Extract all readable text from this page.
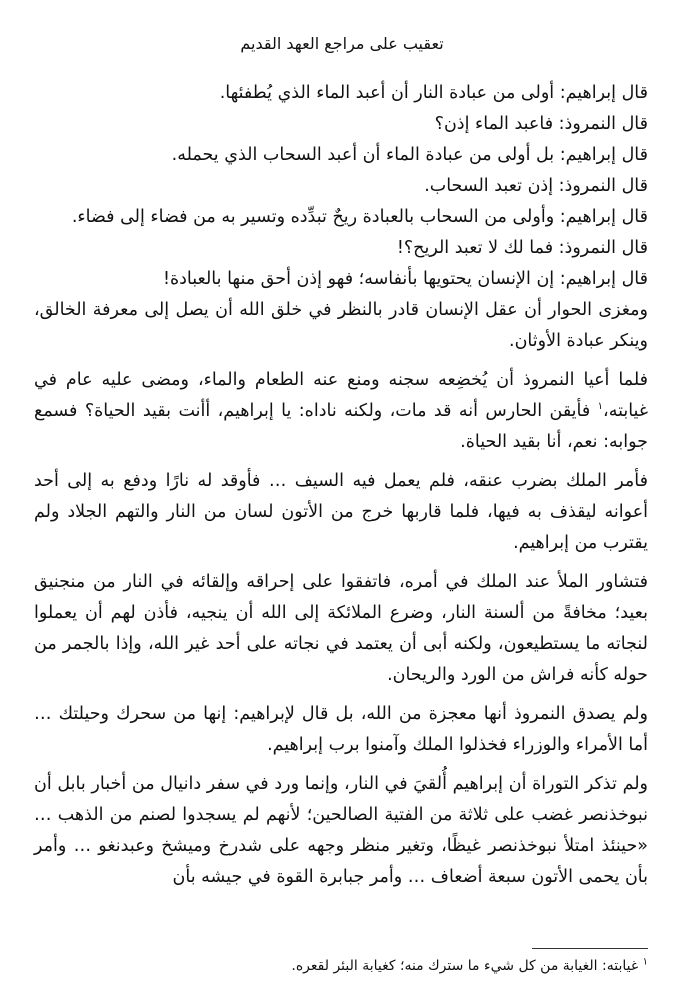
تعقيب على مراجع العهد القديم

قال إبراهيم: أولى من عبادة النار أن أعبد الماء الذي يُطفئها.

قال النمروذ: فاعبد الماء إذن؟

قال إبراهيم: بل أولى من عبادة الماء أن أعبد السحاب الذي يحمله.

قال النمروذ: إذن تعبد السحاب.

قال إبراهيم: وأولى من السحاب بالعبادة ريحٌ تبدِّده وتسير به من فضاء إلى فضاء.

قال النمروذ: فما لك لا تعبد الريح؟!

قال إبراهيم: إن الإنسان يحتويها بأنفاسه؛ فهو إذن أحق منها بالعبادة!

ومغزى الحوار أن عقل الإنسان قادر بالنظر في خلق الله أن يصل إلى معرفة الخالق، وينكر عبادة الأوثان.

فلما أعيا النمروذ أن يُخضِعه سجنه ومنع عنه الطعام والماء، ومضى عليه عام في غيابته،$^١$ فأيقن الحارس أنه قد مات، ولكنه ناداه: يا إبراهيم، أأنت بقيد الحياة؟ فسمع جوابه: نعم، أنا بقيد الحياة.

فأمر الملك بضرب عنقه، فلم يعمل فيه السيف … فأوقد له نارًا ودفع به إلى أحد أعوانه ليقذف به فيها، فلما قاربها خرج من الأتون لسان من النار والتهم الجلاد ولم يقترب من إبراهيم.

فتشاور الملأ عند الملك في أمره، فاتفقوا على إحراقه وإلقائه في النار من منجنيق بعيد؛ مخافةً من ألسنة النار، وضرع الملائكة إلى الله أن ينجيه، فأذن لهم أن يعملوا لنجاته ما يستطيعون، ولكنه أبى أن يعتمد في نجاته على أحد غير الله، وإذا بالجمر من حوله كأنه فراش من الورد والريحان.

ولم يصدق النمروذ أنها معجزة من الله، بل قال لإبراهيم: إنها من سحرك وحيلتك … أما الأمراء والوزراء فخذلوا الملك وآمنوا برب إبراهيم.

ولم تذكر التوراة أن إبراهيم أُلقيَ في النار، وإنما ورد في سفر دانيال من أخبار بابل أن نبوخذنصر غضب على ثلاثة من الفتية الصالحين؛ لأنهم لم يسجدوا لصنم من الذهب … «حينئذ امتلأ نبوخذنصر غيظًا، وتغير منظر وجهه على شدرخ وميشخ وعبدنغو … وأمر بأن يحمى الأتون سبعة أضعاف … وأمر جبابرة القوة في جيشه بأن

$^١$ غيابته: الغيابة من كل شيء ما سترك منه؛ كغيابة البئر لقعره.
